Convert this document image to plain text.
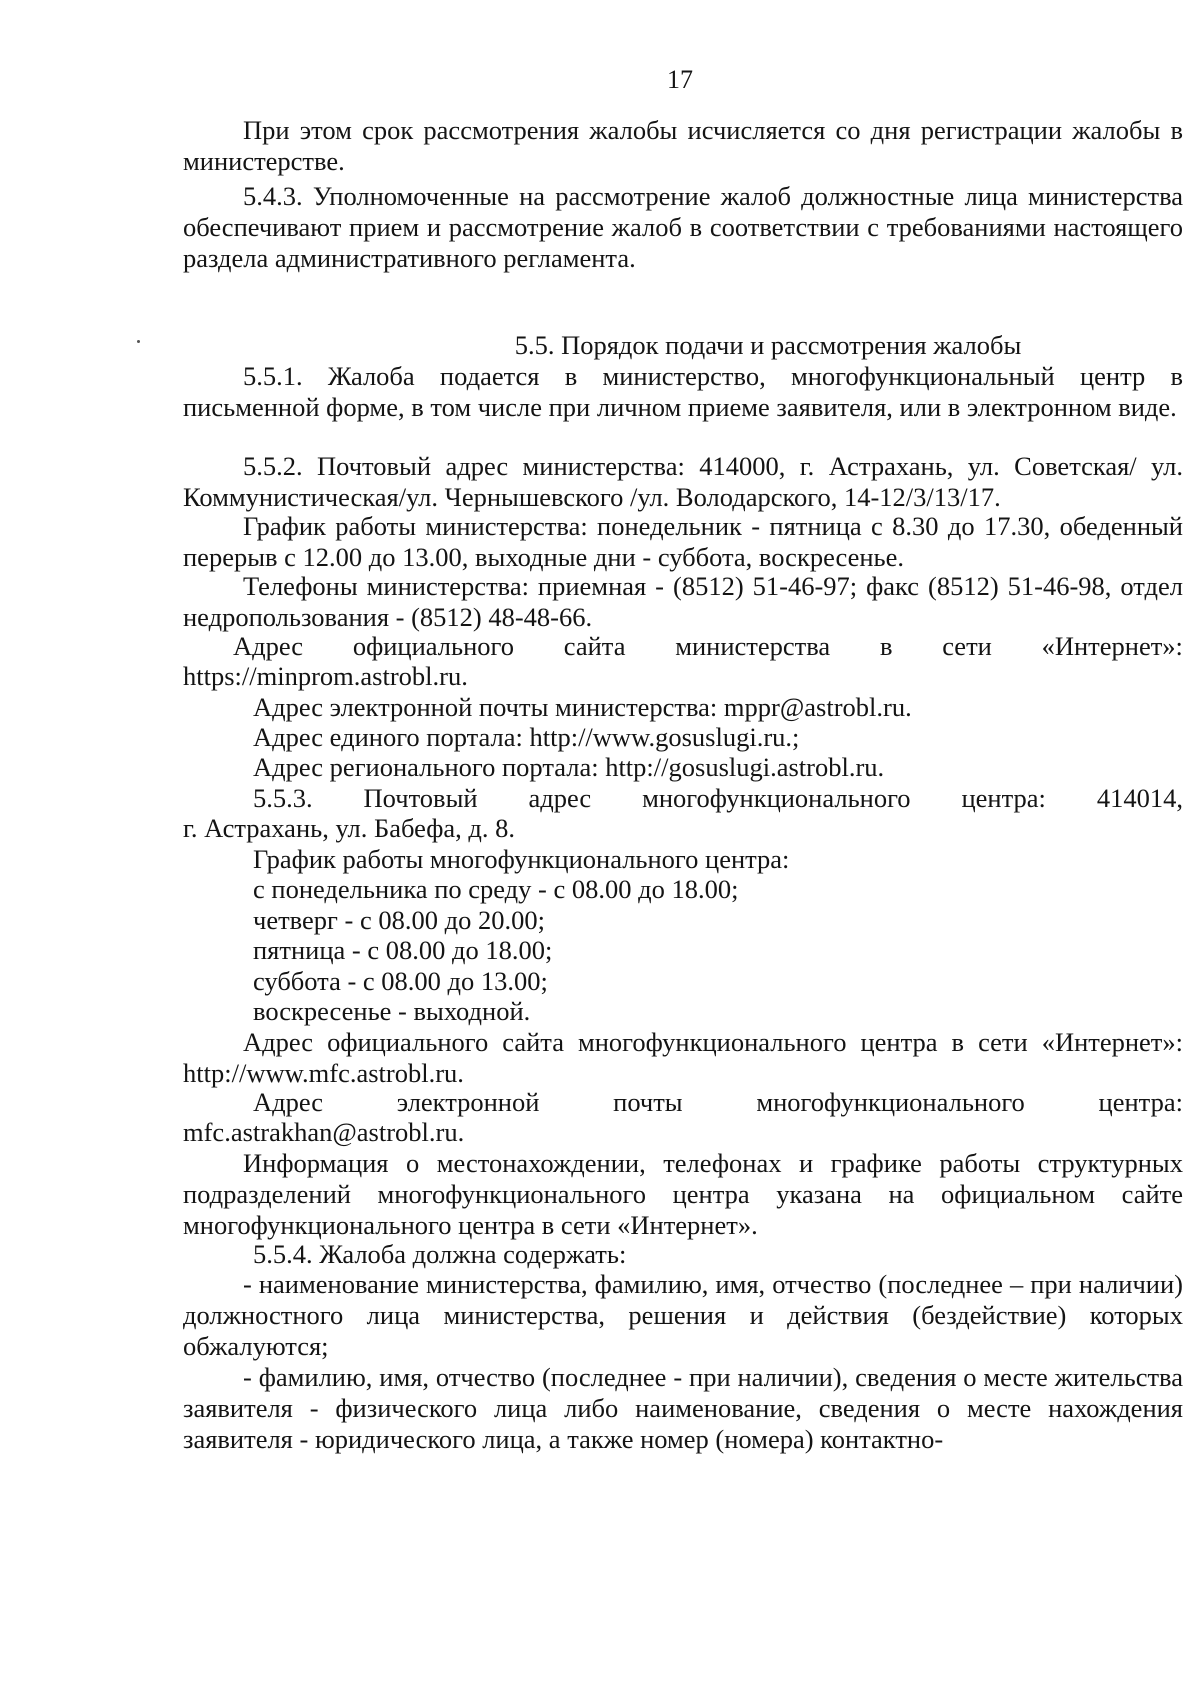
17
При этом срок рассмотрения жалобы исчисляется со дня регистрации жалобы в министерстве.
5.4.3. Уполномоченные на рассмотрение жалоб должностные лица министерства обеспечивают прием и рассмотрение жалоб в соответствии с требованиями настоящего раздела административного регламента.
5.5. Порядок подачи и рассмотрения жалобы
5.5.1. Жалоба подается в министерство, многофункциональный центр в письменной форме, в том числе при личном приеме заявителя, или в электронном виде.
5.5.2. Почтовый адрес министерства: 414000, г. Астрахань, ул. Советская/ ул. Коммунистическая/ул. Чернышевского /ул. Володарского, 14-12/3/13/17.
График работы министерства: понедельник - пятница с 8.30 до 17.30, обеденный перерыв с 12.00 до 13.00, выходные дни - суббота, воскресенье.
Телефоны министерства: приемная - (8512) 51-46-97; факс (8512) 51-46-98, отдел недропользования - (8512) 48-48-66.
Адрес официального сайта министерства в сети «Интернет»:
https://minprom.astrobl.ru.
Адрес электронной почты министерства: mppr@astrobl.ru.
Адрес единого портала: http://www.gosuslugi.ru.;
Адрес регионального портала: http://gosuslugi.astrobl.ru.
5.5.3. Почтовый адрес многофункционального центра: 414014,
г. Астрахань, ул. Бабефа, д. 8.
График работы многофункционального центра:
с понедельника по среду - с 08.00 до 18.00;
четверг - с 08.00 до 20.00;
пятница - с 08.00 до 18.00;
суббота - с 08.00 до 13.00;
воскресенье - выходной.
Адрес официального сайта многофункционального центра в сети «Интернет»: http://www.mfc.astrobl.ru.
Адрес	электронной	почты	многофункционального	центра:
mfc.astrakhan@astrobl.ru.
Информация о местонахождении, телефонах и графике работы структурных подразделений многофункционального центра указана на официальном сайте многофункционального центра в сети «Интернет».
5.5.4. Жалоба должна содержать:
- наименование министерства, фамилию, имя, отчество (последнее – при наличии) должностного лица министерства, решения и действия (бездействие) которых обжалуются;
- фамилию, имя, отчество (последнее - при наличии), сведения о месте жительства заявителя - физического лица либо наименование, сведения о месте нахождения заявителя - юридического лица, а также номер (номера) контактно-
